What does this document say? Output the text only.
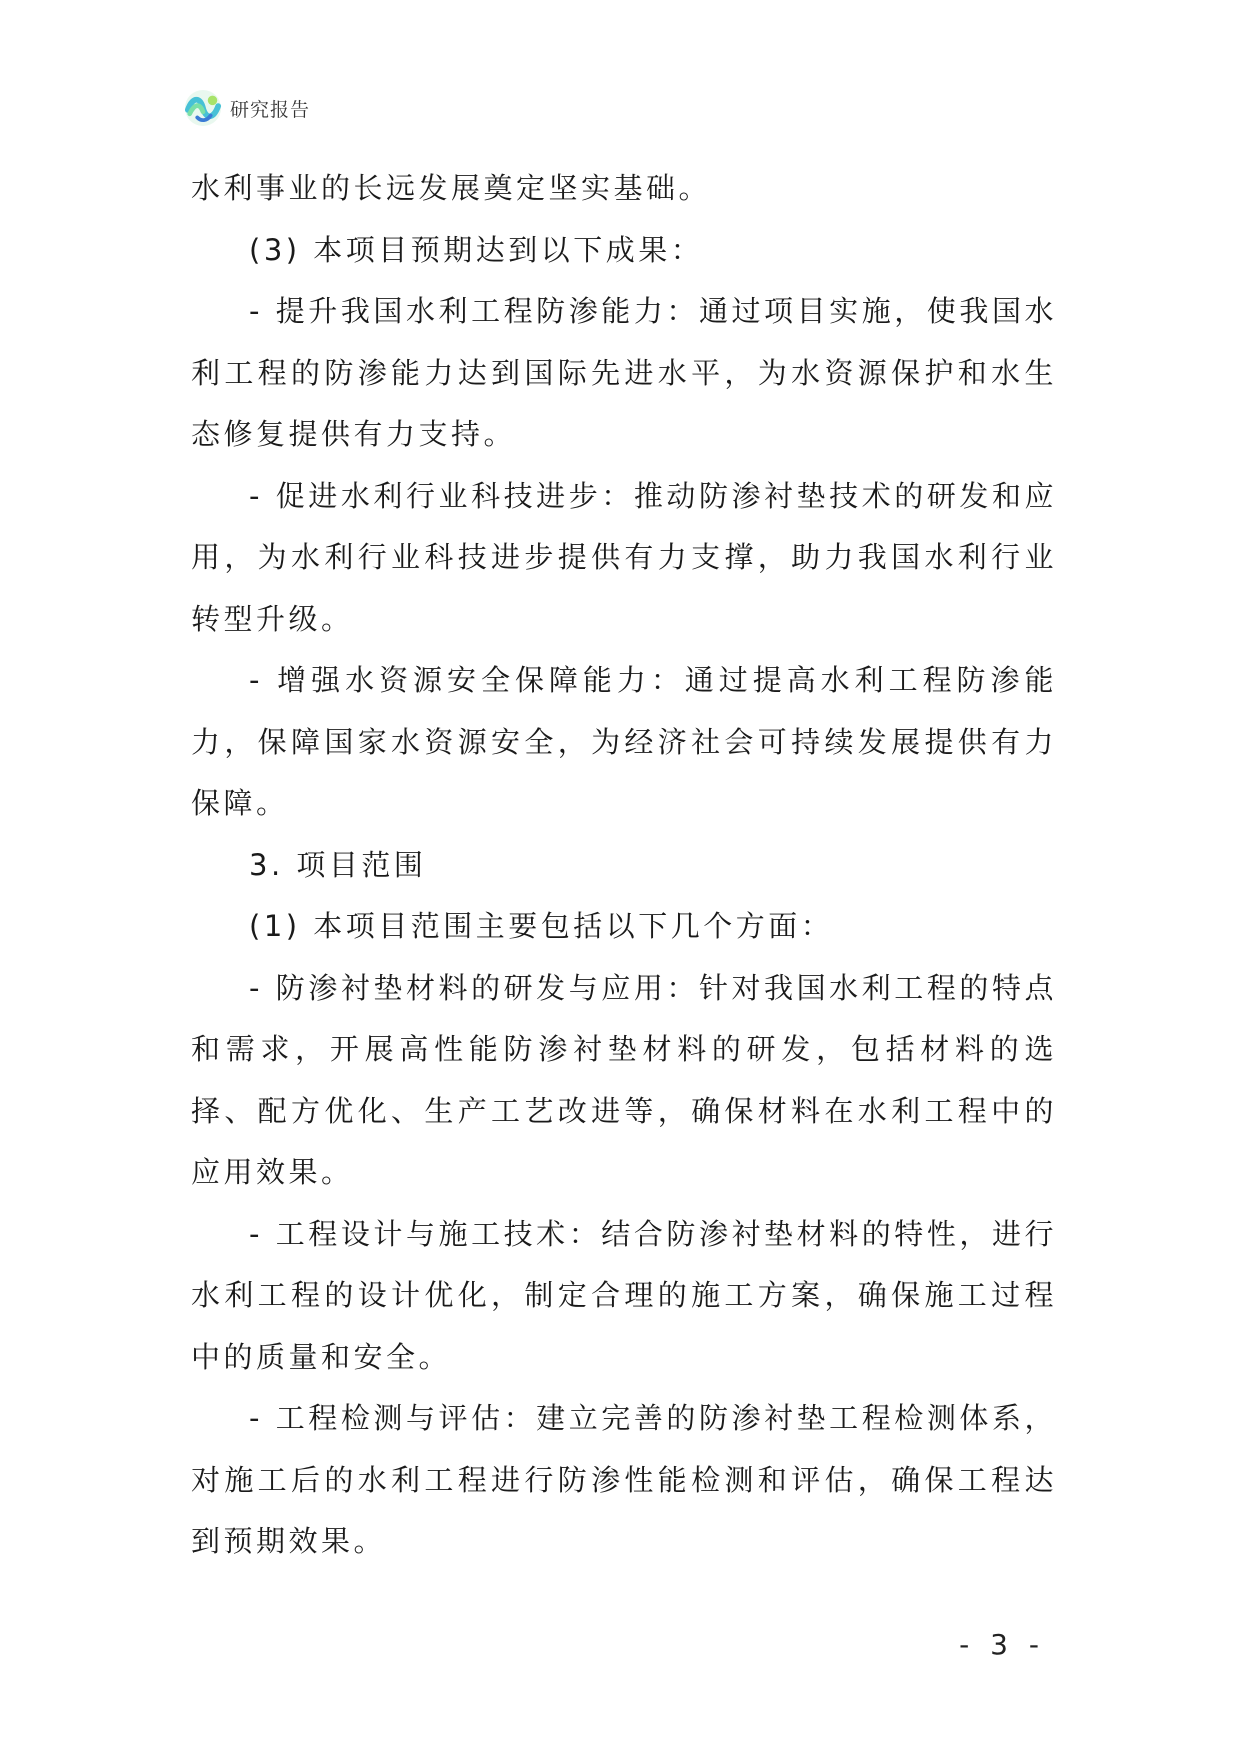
研究报告

水利事业的长远发展奠定坚实基础。

(3) 本项目预期达到以下成果：

- 提升我国水利工程防渗能力：通过项目实施，使我国水利工程的防渗能力达到国际先进水平，为水资源保护和水生态修复提供有力支持。

- 促进水利行业科技进步：推动防渗衬垫技术的研发和应用，为水利行业科技进步提供有力支撑，助力我国水利行业转型升级。

- 增强水资源安全保障能力：通过提高水利工程防渗能力，保障国家水资源安全，为经济社会可持续发展提供有力保障。

3. 项目范围

(1) 本项目范围主要包括以下几个方面：

- 防渗衬垫材料的研发与应用：针对我国水利工程的特点和需求，开展高性能防渗衬垫材料的研发，包括材料的选择、配方优化、生产工艺改进等，确保材料在水利工程中的应用效果。

- 工程设计与施工技术：结合防渗衬垫材料的特性，进行水利工程的设计优化，制定合理的施工方案，确保施工过程中的质量和安全。

- 工程检测与评估：建立完善的防渗衬垫工程检测体系，对施工后的水利工程进行防渗性能检测和评估，确保工程达到预期效果。

- 3 -
